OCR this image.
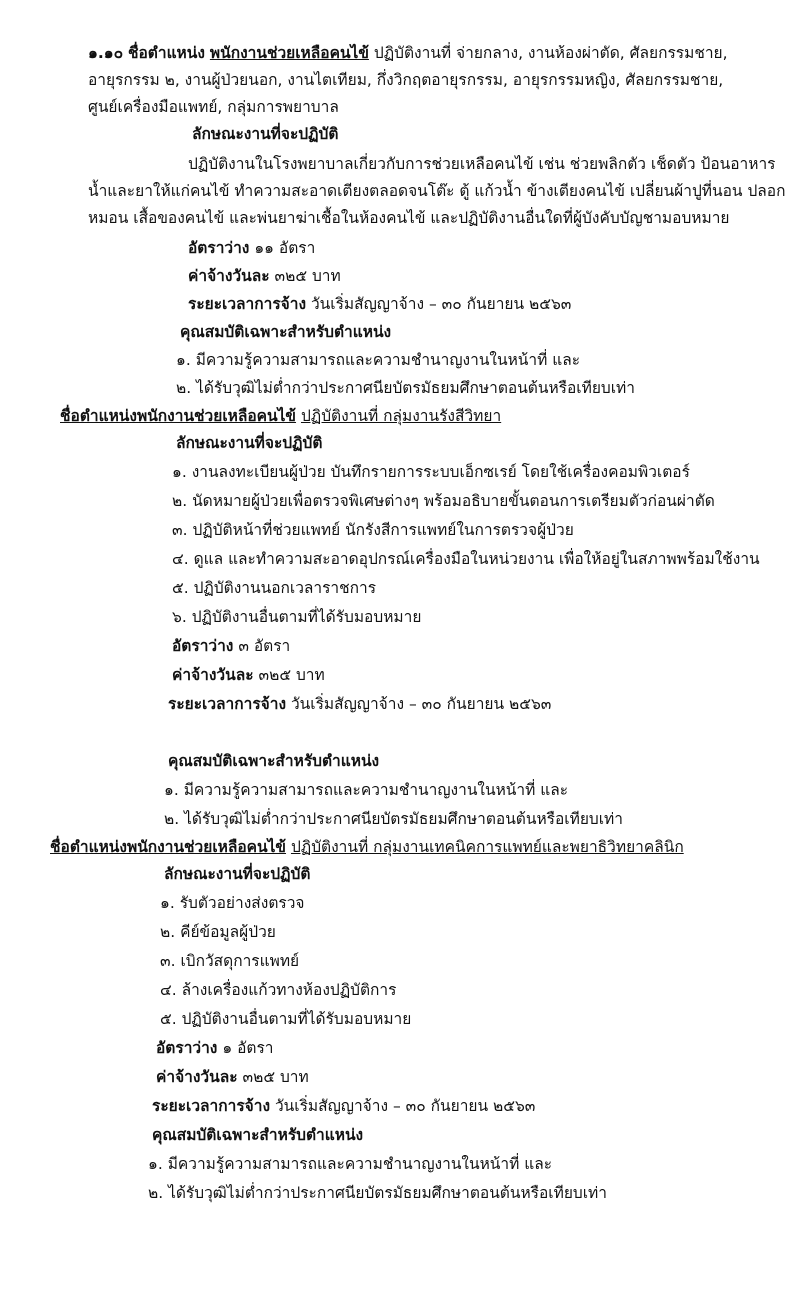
๑.๑๐ ชื่อตำแหน่ง พนักงานช่วยเหลือคนไข้ ปฏิบัติงานที่ จ่ายกลาง, งานห้องผ่าตัด, ศัลยกรรมชาย,
อายุรกรรม ๒, งานผู้ป่วยนอก, งานไตเทียม, กึ่งวิกฤตอายุรกรรม, อายุรกรรมหญิง, ศัลยกรรมชาย,
ศูนย์เครื่องมือแพทย์, กลุ่มการพยาบาล
ลักษณะงานที่จะปฏิบัติ
ปฏิบัติงานในโรงพยาบาลเกี่ยวกับการช่วยเหลือคนไข้ เช่น ช่วยพลิกตัว เช็ดตัว ป้อนอาหาร
น้ำและยาให้แก่คนไข้ ทำความสะอาดเตียงตลอดจนโต๊ะ ตู้ แก้วน้ำ ข้างเตียงคนไข้ เปลี่ยนผ้าปูที่นอน ปลอก
หมอน เสื้อของคนไข้ และพ่นยาฆ่าเชื้อในห้องคนไข้ และปฏิบัติงานอื่นใดที่ผู้บังคับบัญชามอบหมาย
อัตราว่าง ๑๑ อัตรา
ค่าจ้างวันละ ๓๒๕ บาท
ระยะเวลาการจ้าง วันเริ่มสัญญาจ้าง – ๓๐ กันยายน ๒๕๖๓
คุณสมบัติเฉพาะสำหรับตำแหน่ง
๑. มีความรู้ความสามารถและความชำนาญงานในหน้าที่ และ
๒. ได้รับวุฒิไม่ต่ำกว่าประกาศนียบัตรมัธยมศึกษาตอนต้นหรือเทียบเท่า
ชื่อตำแหน่งพนักงานช่วยเหลือคนไข้ ปฏิบัติงานที่ กลุ่มงานรังสีวิทยา
ลักษณะงานที่จะปฏิบัติ
๑. งานลงทะเบียนผู้ป่วย บันทึกรายการระบบเอ็กซเรย์ โดยใช้เครื่องคอมพิวเตอร์
๒. นัดหมายผู้ป่วยเพื่อตรวจพิเศษต่างๆ พร้อมอธิบายขั้นตอนการเตรียมตัวก่อนผ่าตัด
๓. ปฏิบัติหน้าที่ช่วยแพทย์ นักรังสีการแพทย์ในการตรวจผู้ป่วย
๔. ดูแล และทำความสะอาดอุปกรณ์เครื่องมือในหน่วยงาน เพื่อให้อยู่ในสภาพพร้อมใช้งาน
๕. ปฏิบัติงานนอกเวลาราชการ
๖. ปฏิบัติงานอื่นตามที่ได้รับมอบหมาย
อัตราว่าง ๓ อัตรา
ค่าจ้างวันละ ๓๒๕ บาท
ระยะเวลาการจ้าง วันเริ่มสัญญาจ้าง – ๓๐ กันยายน ๒๕๖๓
คุณสมบัติเฉพาะสำหรับตำแหน่ง
๑. มีความรู้ความสามารถและความชำนาญงานในหน้าที่ และ
๒. ได้รับวุฒิไม่ต่ำกว่าประกาศนียบัตรมัธยมศึกษาตอนต้นหรือเทียบเท่า
ชื่อตำแหน่งพนักงานช่วยเหลือคนไข้ ปฏิบัติงานที่ กลุ่มงานเทคนิคการแพทย์และพยาธิวิทยาคลินิก
ลักษณะงานที่จะปฏิบัติ
๑. รับตัวอย่างส่งตรวจ
๒. คีย์ข้อมูลผู้ป่วย
๓. เบิกวัสดุการแพทย์
๔. ล้างเครื่องแก้วทางห้องปฏิบัติการ
๕. ปฏิบัติงานอื่นตามที่ได้รับมอบหมาย
อัตราว่าง ๑ อัตรา
ค่าจ้างวันละ ๓๒๕ บาท
ระยะเวลาการจ้าง วันเริ่มสัญญาจ้าง – ๓๐ กันยายน ๒๕๖๓
คุณสมบัติเฉพาะสำหรับตำแหน่ง
๑. มีความรู้ความสามารถและความชำนาญงานในหน้าที่ และ
๒. ได้รับวุฒิไม่ต่ำกว่าประกาศนียบัตรมัธยมศึกษาตอนต้นหรือเทียบเท่า
